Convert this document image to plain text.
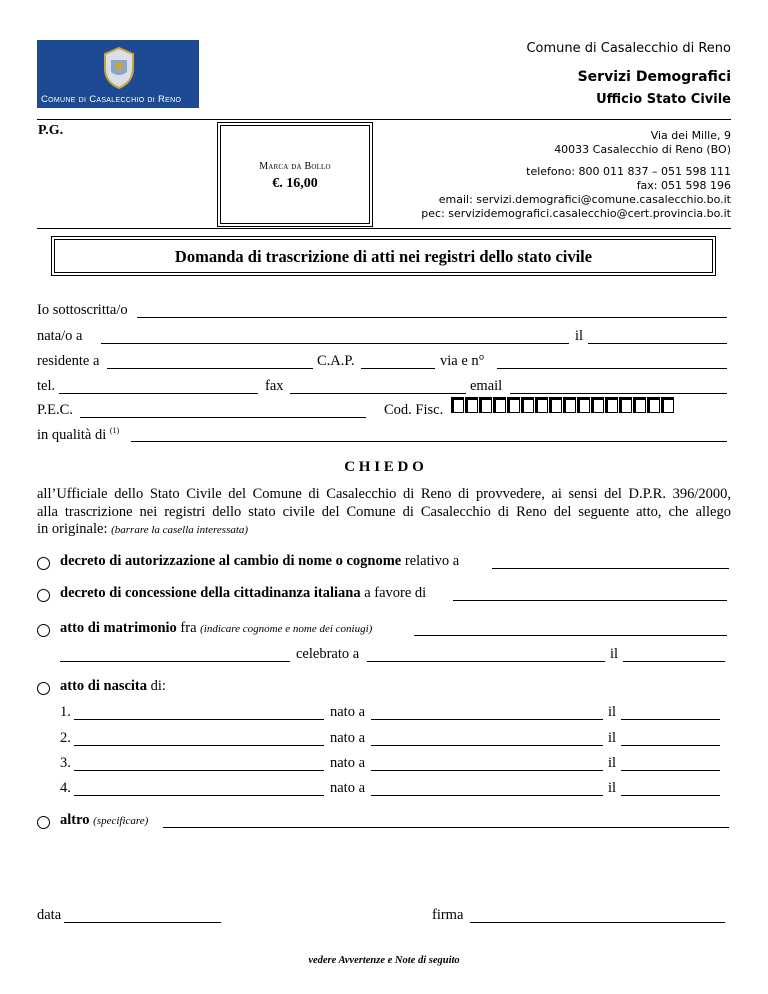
Comune di Casalecchio di Reno
Comune di Casalecchio di Reno
Servizi Demografici
Ufficio Stato Civile
P.G.
Marca da Bollo
€. 16,00
Via dei Mille, 9
40033 Casalecchio di Reno (BO)
telefono: 800 011 837 – 051 598 111
fax: 051 598 196
email: servizi.demografici@comune.casalecchio.bo.it
pec: servizidemografici.casalecchio@cert.provincia.bo.it
Domanda di trascrizione di atti nei registri dello stato civile
Io sottoscritta/o
nata/o a	il
residente a	C.A.P.	via e n°
tel.	fax	email
P.E.C.	Cod. Fisc.
in qualità di $^{(1)}$
C H I E D O
all’Ufficiale dello Stato Civile del Comune di Casalecchio di Reno di provvedere, ai sensi del D.P.R. 396/2000,
alla trascrizione nei registri dello stato civile del Comune di Casalecchio di Reno del seguente atto, che allego
in originale: (barrare la casella interessata)
decreto di autorizzazione al cambio di nome o cognome relativo a
decreto di concessione della cittadinanza italiana a favore di
atto di matrimonio fra (indicare cognome e nome dei coniugi)
celebrato a	il
atto di nascita di:
1.	nato a	il
2.	nato a	il
3.	nato a	il
4.	nato a	il
altro (specificare)
data	firma
vedere Avvertenze e Note di seguito
